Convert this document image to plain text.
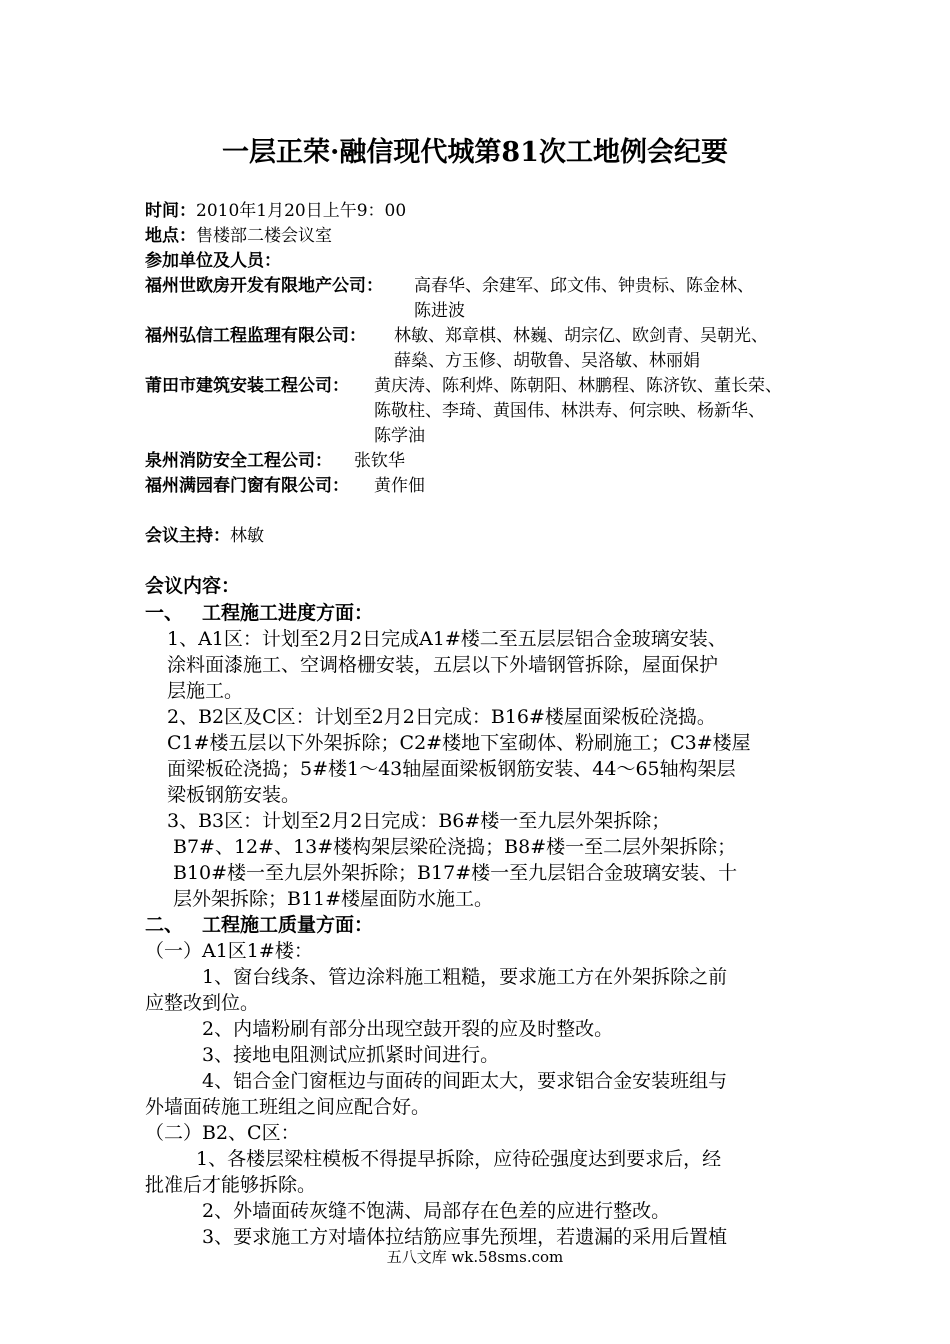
一层正荣·融信现代城第81次工地例会纪要
时间：2010年1月20日上午9：00
地点：售楼部二楼会议室
参加单位及人员：
福州世欧房开发有限地产公司： 高春华、余建军、邱文伟、钟贵标、陈金林、
陈进波
福州弘信工程监理有限公司： 林敏、郑章棋、林巍、胡宗亿、欧剑青、吴朝光、
薛燊、方玉修、胡敬鲁、吴洛敏、林丽娟
莆田市建筑安装工程公司： 黄庆涛、陈利烨、陈朝阳、林鹏程、陈济钦、董长荣、
陈敬柱、李琦、黄国伟、林洪寿、何宗映、杨新华、
陈学油
泉州消防安全工程公司： 张钦华
福州满园春门窗有限公司： 黄作佃
会议主持：林敏
会议内容：
一、 工程施工进度方面：
1、A1区：计划至2月2日完成A1#楼二至五层层铝合金玻璃安装、
涂料面漆施工、空调格栅安装，五层以下外墙钢管拆除，屋面保护
层施工。
2、B2区及C区：计划至2月2日完成：B16#楼屋面梁板砼浇捣。
C1#楼五层以下外架拆除；C2#楼地下室砌体、粉刷施工；C3#楼屋
面梁板砼浇捣；5#楼1～43轴屋面梁板钢筋安装、44～65轴构架层
梁板钢筋安装。
3、B3区：计划至2月2日完成：B6#楼一至九层外架拆除；
B7#、12#、13#楼构架层梁砼浇捣；B8#楼一至二层外架拆除；
B10#楼一至九层外架拆除；B17#楼一至九层铝合金玻璃安装、十
层外架拆除；B11#楼屋面防水施工。
二、 工程施工质量方面：
（一）A1区1#楼：
1、窗台线条、管边涂料施工粗糙，要求施工方在外架拆除之前
应整改到位。
2、内墙粉刷有部分出现空鼓开裂的应及时整改。
3、接地电阻测试应抓紧时间进行。
4、铝合金门窗框边与面砖的间距太大，要求铝合金安装班组与
外墙面砖施工班组之间应配合好。
（二）B2、C区：
1、各楼层梁柱模板不得提早拆除，应待砼强度达到要求后，经
批准后才能够拆除。
2、外墙面砖灰缝不饱满、局部存在色差的应进行整改。
3、要求施工方对墙体拉结筋应事先预埋，若遗漏的采用后置植
五八文库 wk.58sms.com
